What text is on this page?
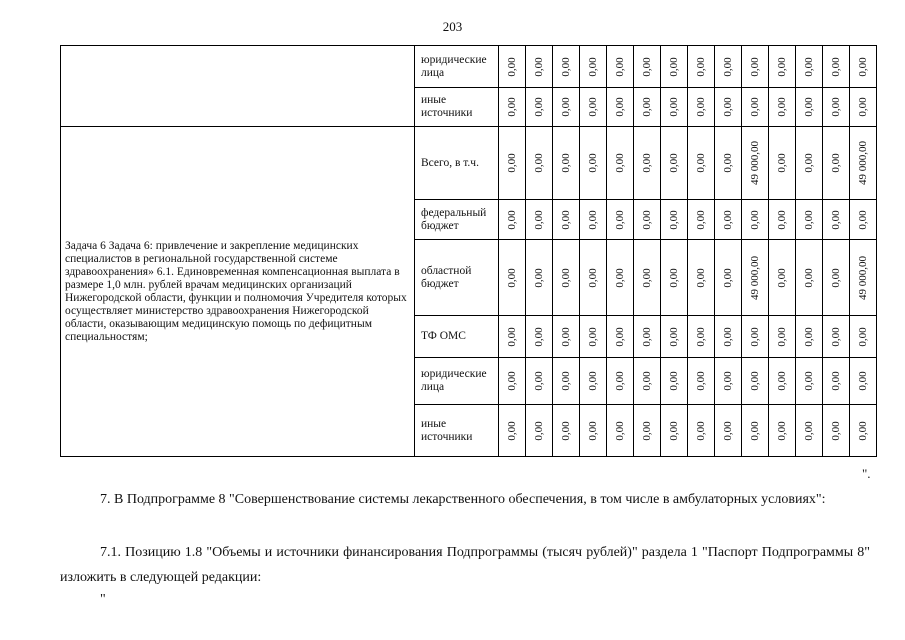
203
	юридические лица	0,00	0,00	0,00	0,00	0,00	0,00	0,00	0,00	0,00	0,00	0,00	0,00	0,00	0,00

	иные источники	0,00	0,00	0,00	0,00	0,00	0,00	0,00	0,00	0,00	0,00	0,00	0,00	0,00	0,00

Задача 6 Задача 6: привлечение и закрепление медицинских специалистов в региональной государственной системе здравоохранения» 6.1. Единовременная компенсационная выплата в размере 1,0 млн. рублей врачам медицинских организаций Нижегородской области, функции и полномочия Учредителя которых осуществляет министерство здравоохранения Нижегородской области, оказывающим медицинскую помощь по дефицитным специальностям;	Всего, в т.ч.	0,00	0,00	0,00	0,00	0,00	0,00	0,00	0,00	0,00	49 000,00	0,00	0,00	0,00	49 000,00

	федеральный бюджет	0,00	0,00	0,00	0,00	0,00	0,00	0,00	0,00	0,00	0,00	0,00	0,00	0,00	0,00

	областной бюджет	0,00	0,00	0,00	0,00	0,00	0,00	0,00	0,00	0,00	49 000,00	0,00	0,00	0,00	49 000,00

	ТФ ОМС	0,00	0,00	0,00	0,00	0,00	0,00	0,00	0,00	0,00	0,00	0,00	0,00	0,00	0,00

	юридические лица	0,00	0,00	0,00	0,00	0,00	0,00	0,00	0,00	0,00	0,00	0,00	0,00	0,00	0,00

	иные источники	0,00	0,00	0,00	0,00	0,00	0,00	0,00	0,00	0,00	0,00	0,00	0,00	0,00	0,00
".
7. В Подпрограмме 8 "Совершенствование системы лекарственного обеспечения, в том числе в амбулаторных условиях":
7.1. Позицию 1.8 "Объемы и источники финансирования Подпрограммы (тысяч рублей)" раздела 1 "Паспорт Подпрограммы 8" изложить в следующей редакции:
"
